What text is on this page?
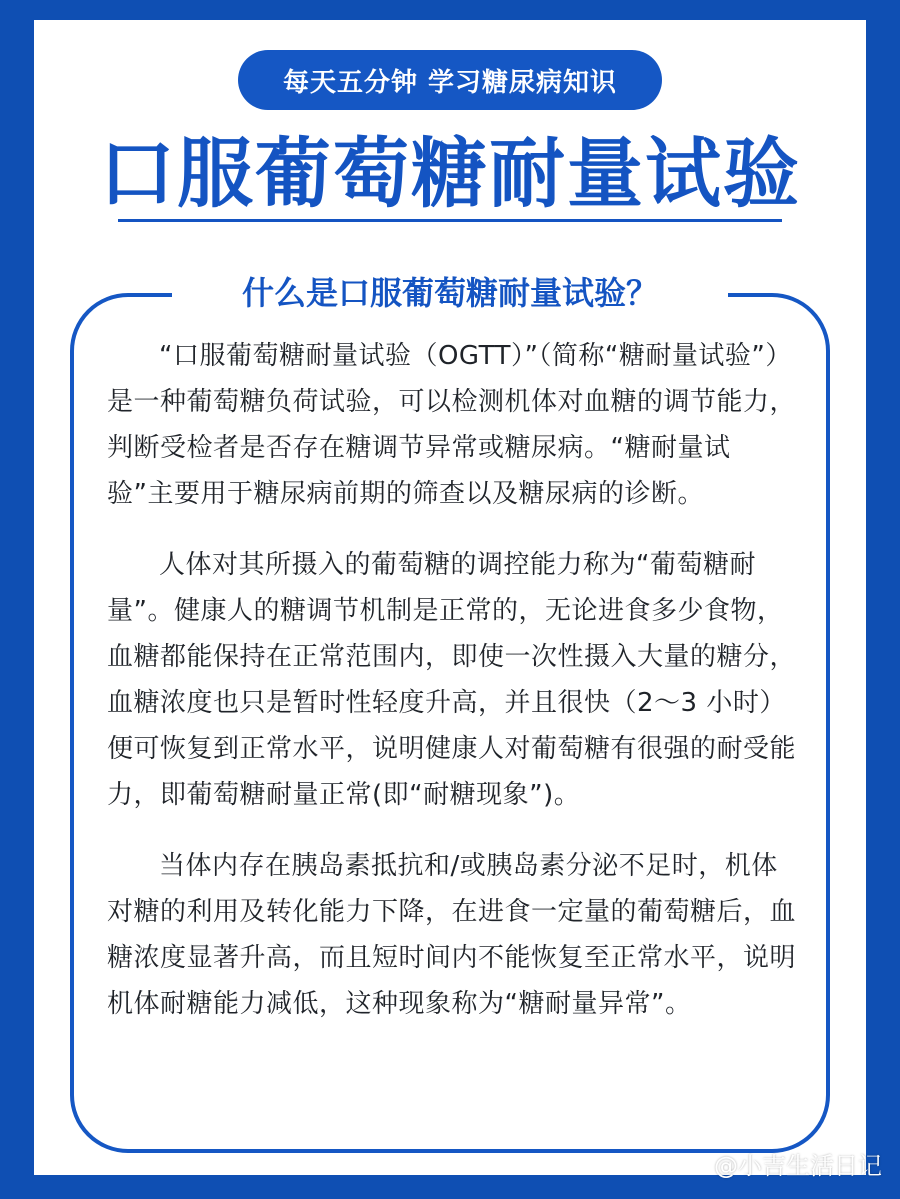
每天五分钟 学习糖尿病知识
口服葡萄糖耐量试验
什么是口服葡萄糖耐量试验？

“口服葡萄糖耐量试验（OGTT）”（简称“糖耐量试验”）是一种葡萄糖负荷试验，可以检测机体对血糖的调节能力，判断受检者是否存在糖调节异常或糖尿病。“糖耐量试验”主要用于糖尿病前期的筛查以及糖尿病的诊断。

人体对其所摄入的葡萄糖的调控能力称为“葡萄糖耐量”。健康人的糖调节机制是正常的，无论进食多少食物，血糖都能保持在正常范围内，即使一次性摄入大量的糖分，血糖浓度也只是暂时性轻度升高，并且很快（2～3 小时）便可恢复到正常水平，说明健康人对葡萄糖有很强的耐受能力，即葡萄糖耐量正常(即“耐糖现象”)。

当体内存在胰岛素抵抗和/或胰岛素分泌不足时，机体对糖的利用及转化能力下降，在进食一定量的葡萄糖后，血糖浓度显著升高，而且短时间内不能恢复至正常水平，说明机体耐糖能力减低，这种现象称为“糖耐量异常”。

@小吉生活日记
